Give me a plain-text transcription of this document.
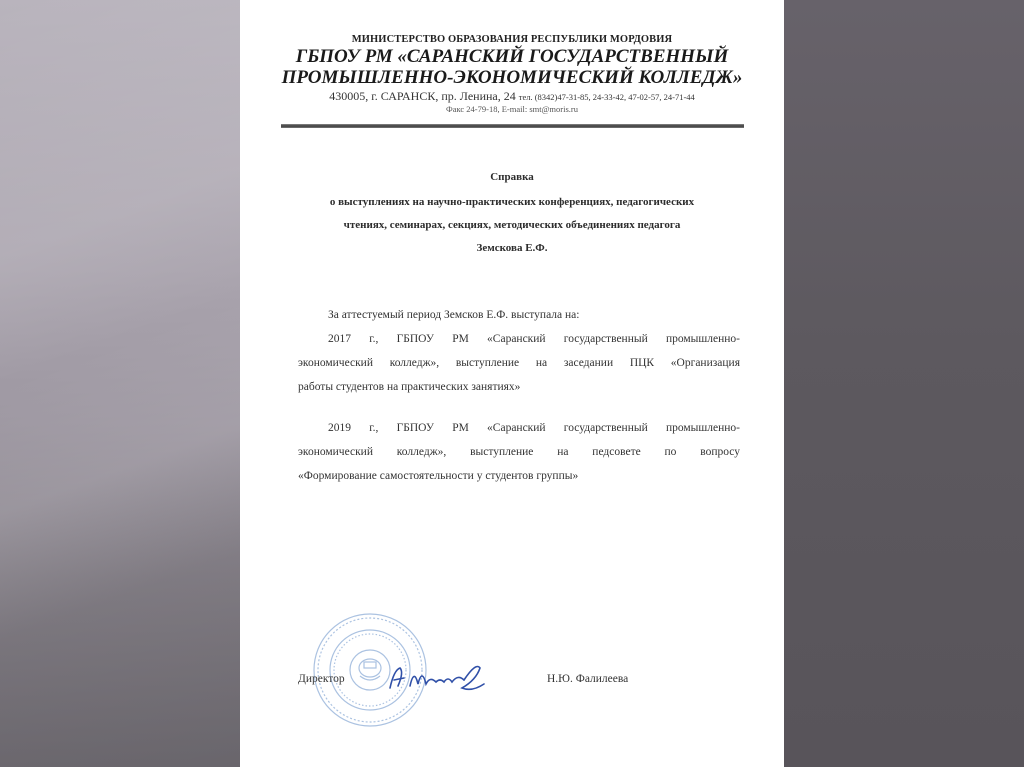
МИНИСТЕРСТВО ОБРАЗОВАНИЯ РЕСПУБЛИКИ МОРДОВИЯ
ГБПОУ РМ «САРАНСКИЙ ГОСУДАРСТВЕННЫЙ
ПРОМЫШЛЕННО-ЭКОНОМИЧЕСКИЙ КОЛЛЕДЖ»
430005, г. САРАНСК, пр. Ленина, 24 тел. (8342)47-31-85, 24-33-42, 47-02-57, 24-71-44
Факс 24-79-18, E-mail: smt@moris.ru
Справка
о выступлениях на научно-практических конференциях, педагогических
чтениях, семинарах, секциях, методических объединениях педагога
Земскова Е.Ф.
За аттестуемый период Земсков Е.Ф. выступала на:
2017 г., ГБПОУ РМ «Саранский государственный промышленно-
экономический колледж», выступление на заседании ПЦК «Организация
работы студентов на практических занятиях»
2019 г., ГБПОУ РМ «Саранский государственный промышленно-
экономический колледж», выступление на педсовете по вопросу
«Формирование самостоятельности у студентов группы»
Директор	Н.Ю. Фалилеева
